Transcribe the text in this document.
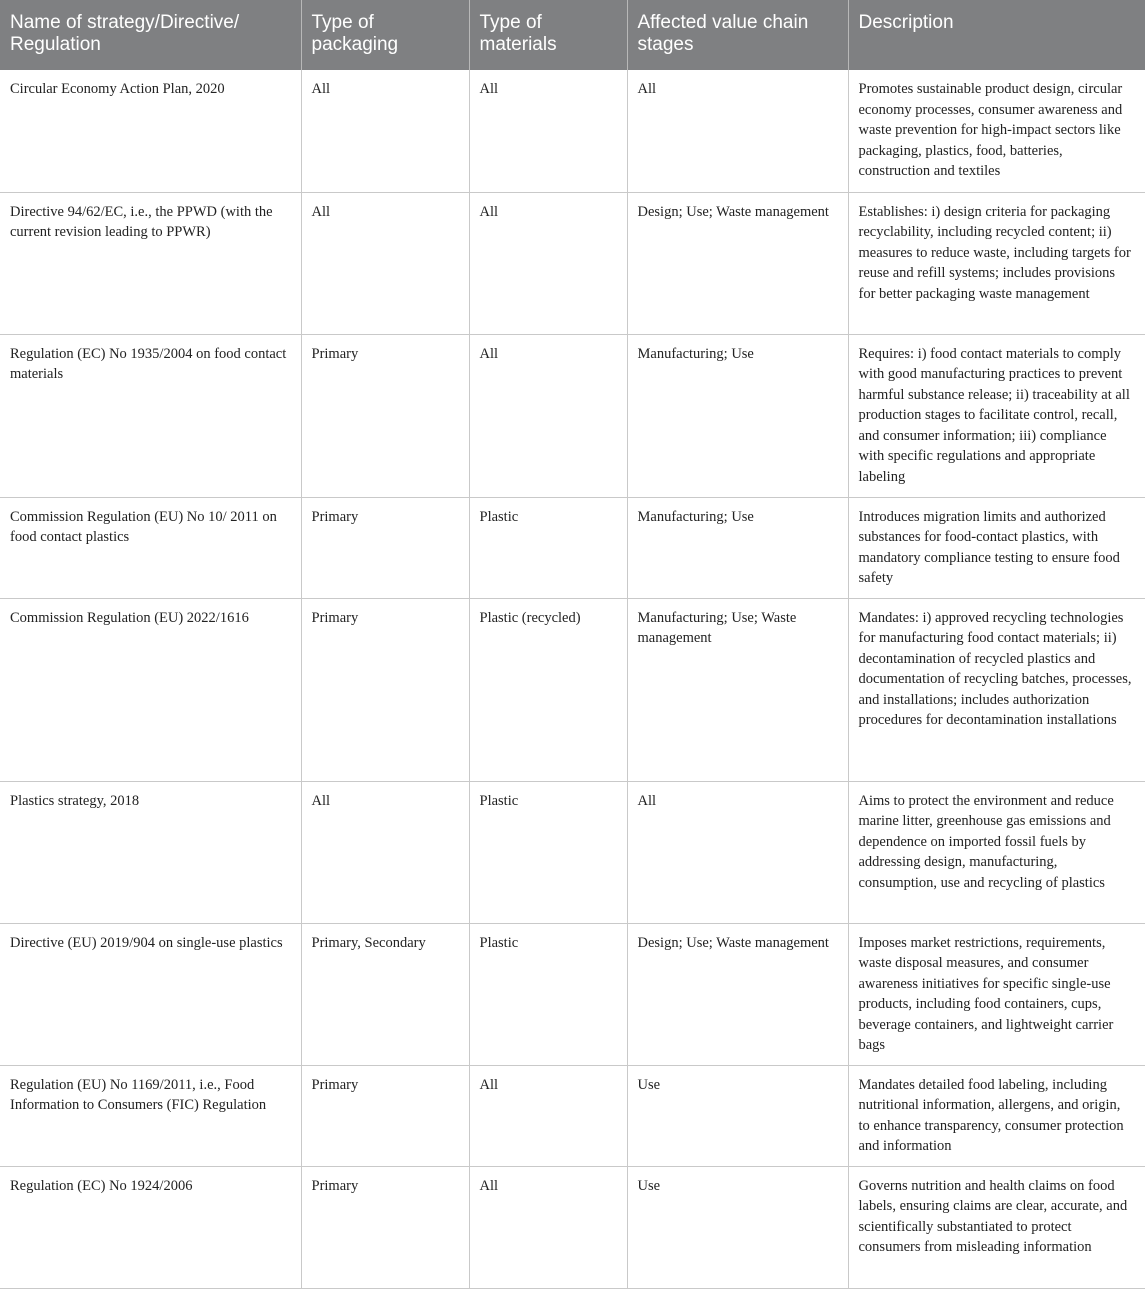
Name of strategy/Directive/ Regulation	Type of packaging	Type of materials	Affected value chain stages	Description
Circular Economy Action Plan, 2020	All	All	All	Promotes sustainable product design, circular economy processes, consumer awareness and waste prevention for high-impact sectors like packaging, plastics, food, batteries, construction and textiles
Directive 94/62/EC, i.e., the PPWD (with the current revision leading to PPWR)	All	All	Design; Use; Waste management	Establishes: i) design criteria for packaging recyclability, including recycled content; ii) measures to reduce waste, including targets for reuse and refill systems; includes provisions for better packaging waste management
Regulation (EC) No 1935/2004 on food contact materials	Primary	All	Manufacturing; Use	Requires: i) food contact materials to comply with good manufacturing practices to prevent harmful substance release; ii) traceability at all production stages to facilitate control, recall, and consumer information; iii) compliance with specific regulations and appropriate labeling
Commission Regulation (EU) No 10/ 2011 on food contact plastics	Primary	Plastic	Manufacturing; Use	Introduces migration limits and authorized substances for food-contact plastics, with mandatory compliance testing to ensure food safety
Commission Regulation (EU) 2022/1616	Primary	Plastic (recycled)	Manufacturing; Use; Waste management	Mandates: i) approved recycling technologies for manufacturing food contact materials; ii) decontamination of recycled plastics and documentation of recycling batches, processes, and installations; includes authorization procedures for decontamination installations
Plastics strategy, 2018	All	Plastic	All	Aims to protect the environment and reduce marine litter, greenhouse gas emissions and dependence on imported fossil fuels by addressing design, manufacturing, consumption, use and recycling of plastics
Directive (EU) 2019/904 on single-use plastics	Primary, Secondary	Plastic	Design; Use; Waste management	Imposes market restrictions, requirements, waste disposal measures, and consumer awareness initiatives for specific single-use products, including food containers, cups, beverage containers, and lightweight carrier bags
Regulation (EU) No 1169/2011, i.e., Food Information to Consumers (FIC) Regulation	Primary	All	Use	Mandates detailed food labeling, including nutritional information, allergens, and origin, to enhance transparency, consumer protection and information
Regulation (EC) No 1924/2006	Primary	All	Use	Governs nutrition and health claims on food labels, ensuring claims are clear, accurate, and scientifically substantiated to protect consumers from misleading information
